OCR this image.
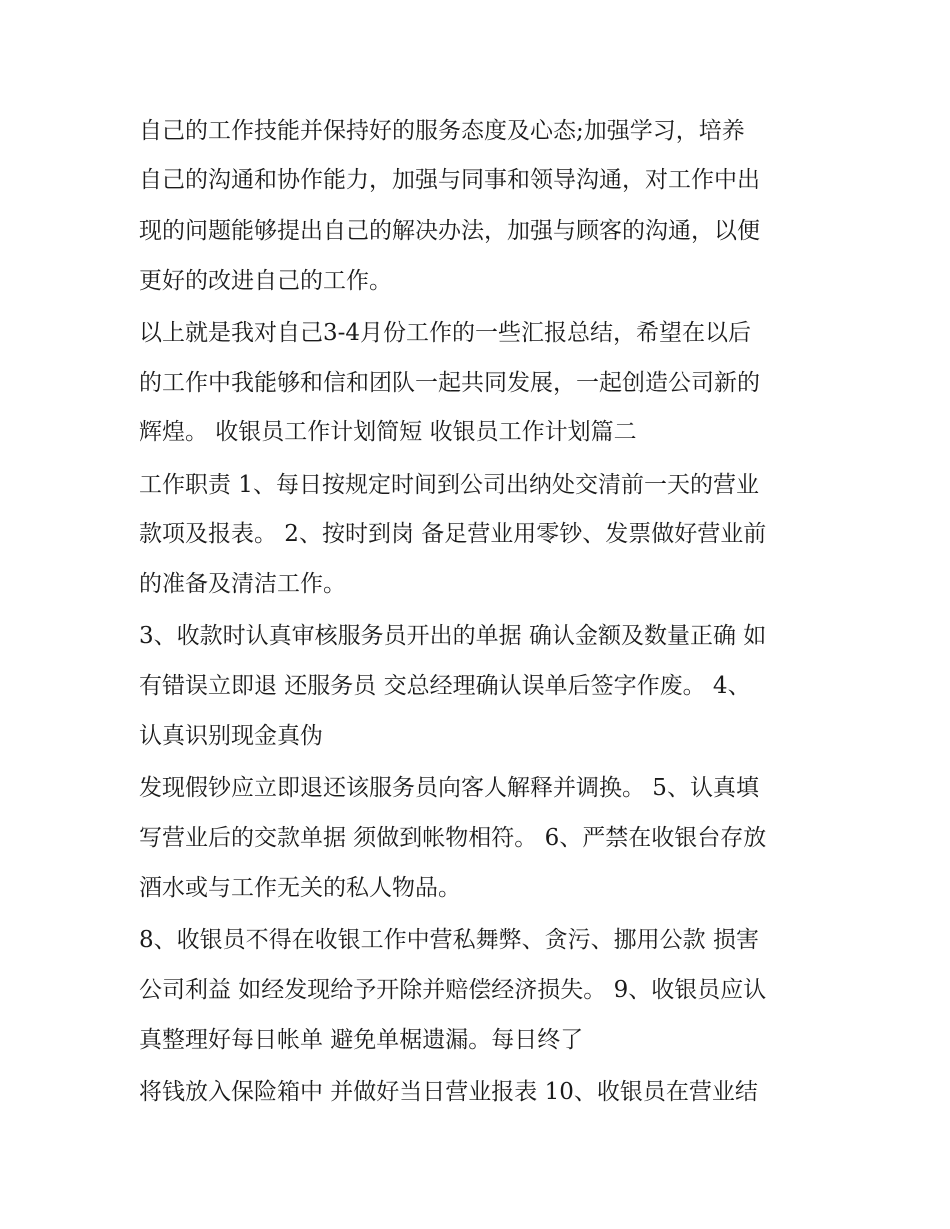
自己的工作技能并保持好的服务态度及心态;加强学习，培养

自己的沟通和协作能力，加强与同事和领导沟通，对工作中出

现的问题能够提出自己的解决办法，加强与顾客的沟通，以便

更好的改进自己的工作。

以上就是我对自己3-4月份工作的一些汇报总结，希望在以后

的工作中我能够和信和团队一起共同发展，一起创造公司新的

辉煌。 收银员工作计划简短 收银员工作计划篇二

工作职责 1、每日按规定时间到公司出纳处交清前一天的营业

款项及报表。 2、按时到岗 备足营业用零钞、发票做好营业前

的准备及清洁工作。

3、收款时认真审核服务员开出的单据 确认金额及数量正确 如

有错误立即退 还服务员 交总经理确认误单后签字作废。 4、

认真识别现金真伪

发现假钞应立即退还该服务员向客人解释并调换。 5、认真填

写营业后的交款单据 须做到帐物相符。 6、严禁在收银台存放

酒水或与工作无关的私人物品。

8、收银员不得在收银工作中营私舞弊、贪污、挪用公款 损害

公司利益 如经发现给予开除并赔偿经济损失。 9、收银员应认

真整理好每日帐单 避免单椐遗漏。每日终了

将钱放入保险箱中 并做好当日营业报表 10、收银员在营业结
